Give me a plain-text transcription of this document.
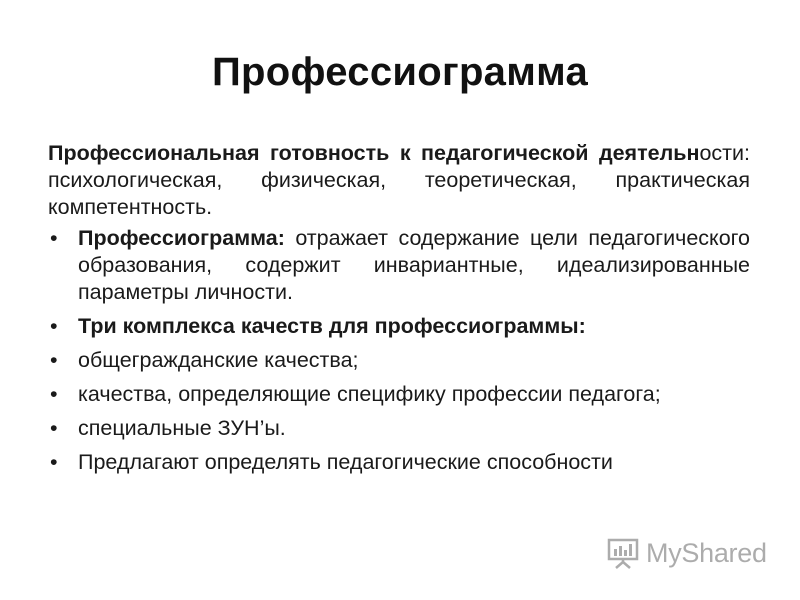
Профессиограмма

Профессиональная готовность к педагогической деятельности: психологическая, физическая, теоретическая, практическая компетентность.

• Профессиограмма: отражает содержание цели педагогического образования, содержит инвариантные, идеализированные параметры личности.
• Три комплекса качеств для профессиограммы:
• общегражданские качества;
• качества, определяющие специфику профессии педагога;
• специальные ЗУН’ы.
• Предлагают определять педагогические способности
MyShared
